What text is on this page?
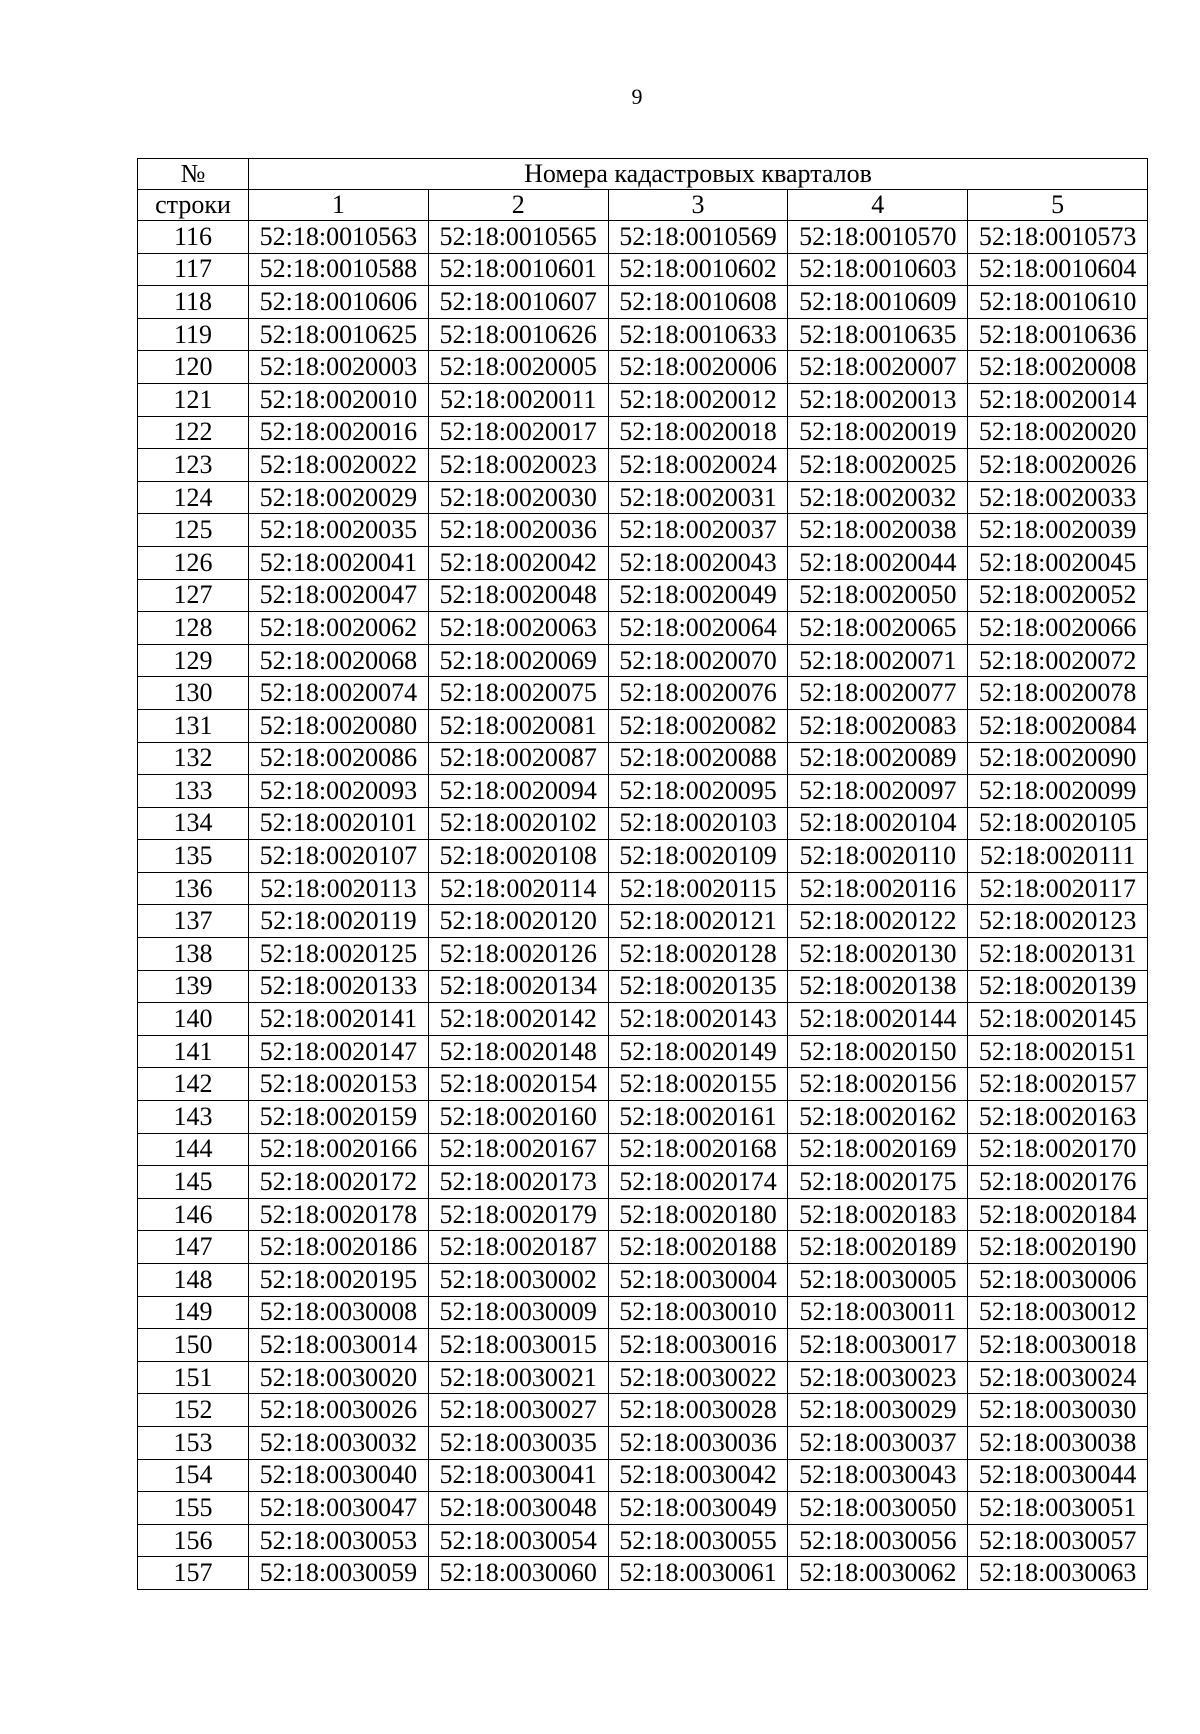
9
№	Номера кадастровых кварталов				
строки	1	2	3	4	5
116	52:18:0010563	52:18:0010565	52:18:0010569	52:18:0010570	52:18:0010573
117	52:18:0010588	52:18:0010601	52:18:0010602	52:18:0010603	52:18:0010604
118	52:18:0010606	52:18:0010607	52:18:0010608	52:18:0010609	52:18:0010610
119	52:18:0010625	52:18:0010626	52:18:0010633	52:18:0010635	52:18:0010636
120	52:18:0020003	52:18:0020005	52:18:0020006	52:18:0020007	52:18:0020008
121	52:18:0020010	52:18:0020011	52:18:0020012	52:18:0020013	52:18:0020014
122	52:18:0020016	52:18:0020017	52:18:0020018	52:18:0020019	52:18:0020020
123	52:18:0020022	52:18:0020023	52:18:0020024	52:18:0020025	52:18:0020026
124	52:18:0020029	52:18:0020030	52:18:0020031	52:18:0020032	52:18:0020033
125	52:18:0020035	52:18:0020036	52:18:0020037	52:18:0020038	52:18:0020039
126	52:18:0020041	52:18:0020042	52:18:0020043	52:18:0020044	52:18:0020045
127	52:18:0020047	52:18:0020048	52:18:0020049	52:18:0020050	52:18:0020052
128	52:18:0020062	52:18:0020063	52:18:0020064	52:18:0020065	52:18:0020066
129	52:18:0020068	52:18:0020069	52:18:0020070	52:18:0020071	52:18:0020072
130	52:18:0020074	52:18:0020075	52:18:0020076	52:18:0020077	52:18:0020078
131	52:18:0020080	52:18:0020081	52:18:0020082	52:18:0020083	52:18:0020084
132	52:18:0020086	52:18:0020087	52:18:0020088	52:18:0020089	52:18:0020090
133	52:18:0020093	52:18:0020094	52:18:0020095	52:18:0020097	52:18:0020099
134	52:18:0020101	52:18:0020102	52:18:0020103	52:18:0020104	52:18:0020105
135	52:18:0020107	52:18:0020108	52:18:0020109	52:18:0020110	52:18:0020111
136	52:18:0020113	52:18:0020114	52:18:0020115	52:18:0020116	52:18:0020117
137	52:18:0020119	52:18:0020120	52:18:0020121	52:18:0020122	52:18:0020123
138	52:18:0020125	52:18:0020126	52:18:0020128	52:18:0020130	52:18:0020131
139	52:18:0020133	52:18:0020134	52:18:0020135	52:18:0020138	52:18:0020139
140	52:18:0020141	52:18:0020142	52:18:0020143	52:18:0020144	52:18:0020145
141	52:18:0020147	52:18:0020148	52:18:0020149	52:18:0020150	52:18:0020151
142	52:18:0020153	52:18:0020154	52:18:0020155	52:18:0020156	52:18:0020157
143	52:18:0020159	52:18:0020160	52:18:0020161	52:18:0020162	52:18:0020163
144	52:18:0020166	52:18:0020167	52:18:0020168	52:18:0020169	52:18:0020170
145	52:18:0020172	52:18:0020173	52:18:0020174	52:18:0020175	52:18:0020176
146	52:18:0020178	52:18:0020179	52:18:0020180	52:18:0020183	52:18:0020184
147	52:18:0020186	52:18:0020187	52:18:0020188	52:18:0020189	52:18:0020190
148	52:18:0020195	52:18:0030002	52:18:0030004	52:18:0030005	52:18:0030006
149	52:18:0030008	52:18:0030009	52:18:0030010	52:18:0030011	52:18:0030012
150	52:18:0030014	52:18:0030015	52:18:0030016	52:18:0030017	52:18:0030018
151	52:18:0030020	52:18:0030021	52:18:0030022	52:18:0030023	52:18:0030024
152	52:18:0030026	52:18:0030027	52:18:0030028	52:18:0030029	52:18:0030030
153	52:18:0030032	52:18:0030035	52:18:0030036	52:18:0030037	52:18:0030038
154	52:18:0030040	52:18:0030041	52:18:0030042	52:18:0030043	52:18:0030044
155	52:18:0030047	52:18:0030048	52:18:0030049	52:18:0030050	52:18:0030051
156	52:18:0030053	52:18:0030054	52:18:0030055	52:18:0030056	52:18:0030057
157	52:18:0030059	52:18:0030060	52:18:0030061	52:18:0030062	52:18:0030063
